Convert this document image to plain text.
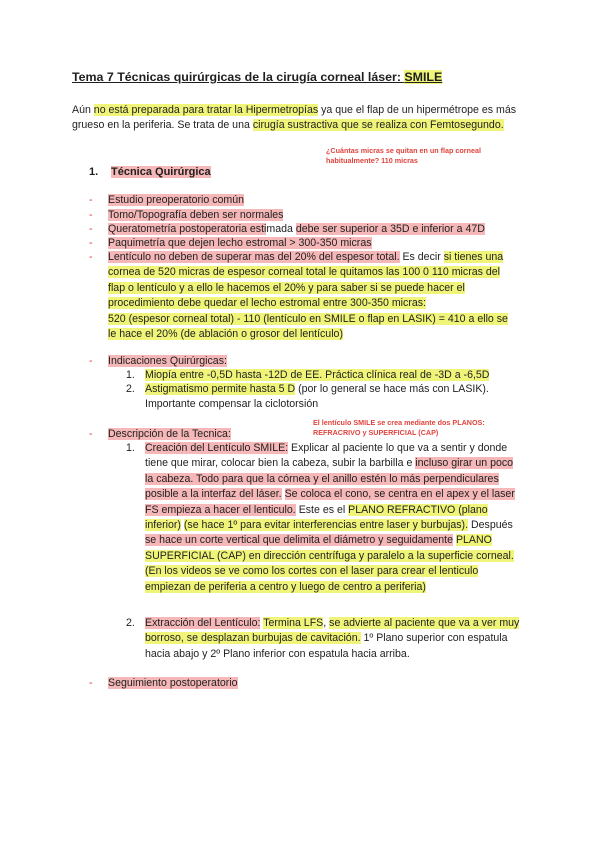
Tema 7 Técnicas quirúrgicas de la cirugía corneal láser: SMILE
Aún no está preparada para tratar la Hipermetropías ya que el flap de un hipermétrope es más grueso en la periferia. Se trata de una cirugía sustractiva que se realiza con Femtosegundo.
¿Cuántas micras se quitan en un flap corneal habitualmente? 110 micras
1. Técnica Quirúrgica
-	Estudio preoperatorio común
-	Tomo/Topografía deben ser normales
-	Queratometría postoperatoria estimada debe ser superior a 35D e inferior a 47D
-	Paquimetría que dejen lecho estromal > 300-350 micras
-	Lentículo no deben de superar mas del 20% del espesor total. Es decir si tienes una cornea de 520 micras de espesor corneal total le quitamos las 100 0 110 micras del flap o lentículo y a ello le hacemos el 20% y para saber si se puede hacer el procedimiento debe quedar el lecho estromal entre 300-350 micras:
520 (espesor corneal total) - 110 (lentículo en SMILE o flap en LASIK) = 410 a ello se le hace el 20% (de ablación o grosor del lentículo)
-	Indicaciones Quirúrgicas:
1. Miopía entre -0,5D hasta -12D de EE. Práctica clínica real de -3D a -6,5D
2. Astigmatismo permite hasta 5 D (por lo general se hace más con LASIK). Importante compensar la ciclotorsión
El lentículo SMILE se crea mediante dos PLANOS: REFRACRIVO y SUPERFICIAL (CAP)
-	Descripción de la Tecnica:
1. Creación del Lentículo SMILE: Explicar al paciente lo que va a sentir y donde tiene que mirar, colocar bien la cabeza, subir la barbilla e incluso girar un poco la cabeza. Todo para que la córnea y el anillo estén lo más perpendiculares posible a la interfaz del láser. Se coloca el cono, se centra en el apex y el laser FS empieza a hacer el lenticulo. Este es el PLANO REFRACTIVO (plano inferior) (se hace 1º para evitar interferencias entre laser y burbujas). Después se hace un corte vertical que delimita el diámetro y seguidamente PLANO SUPERFICIAL (CAP) en dirección centrífuga y paralelo a la superficie corneal.
(En los videos se ve como los cortes con el laser para crear el lenticulo empiezan de periferia a centro y luego de centro a periferia)
2. Extracción del Lentículo: Termina LFS, se advierte al paciente que va a ver muy borroso, se desplazan burbujas de cavitación. 1º Plano superior con espatula hacia abajo y 2º Plano inferior con espatula hacia arriba.
-	Seguimiento postoperatorio
